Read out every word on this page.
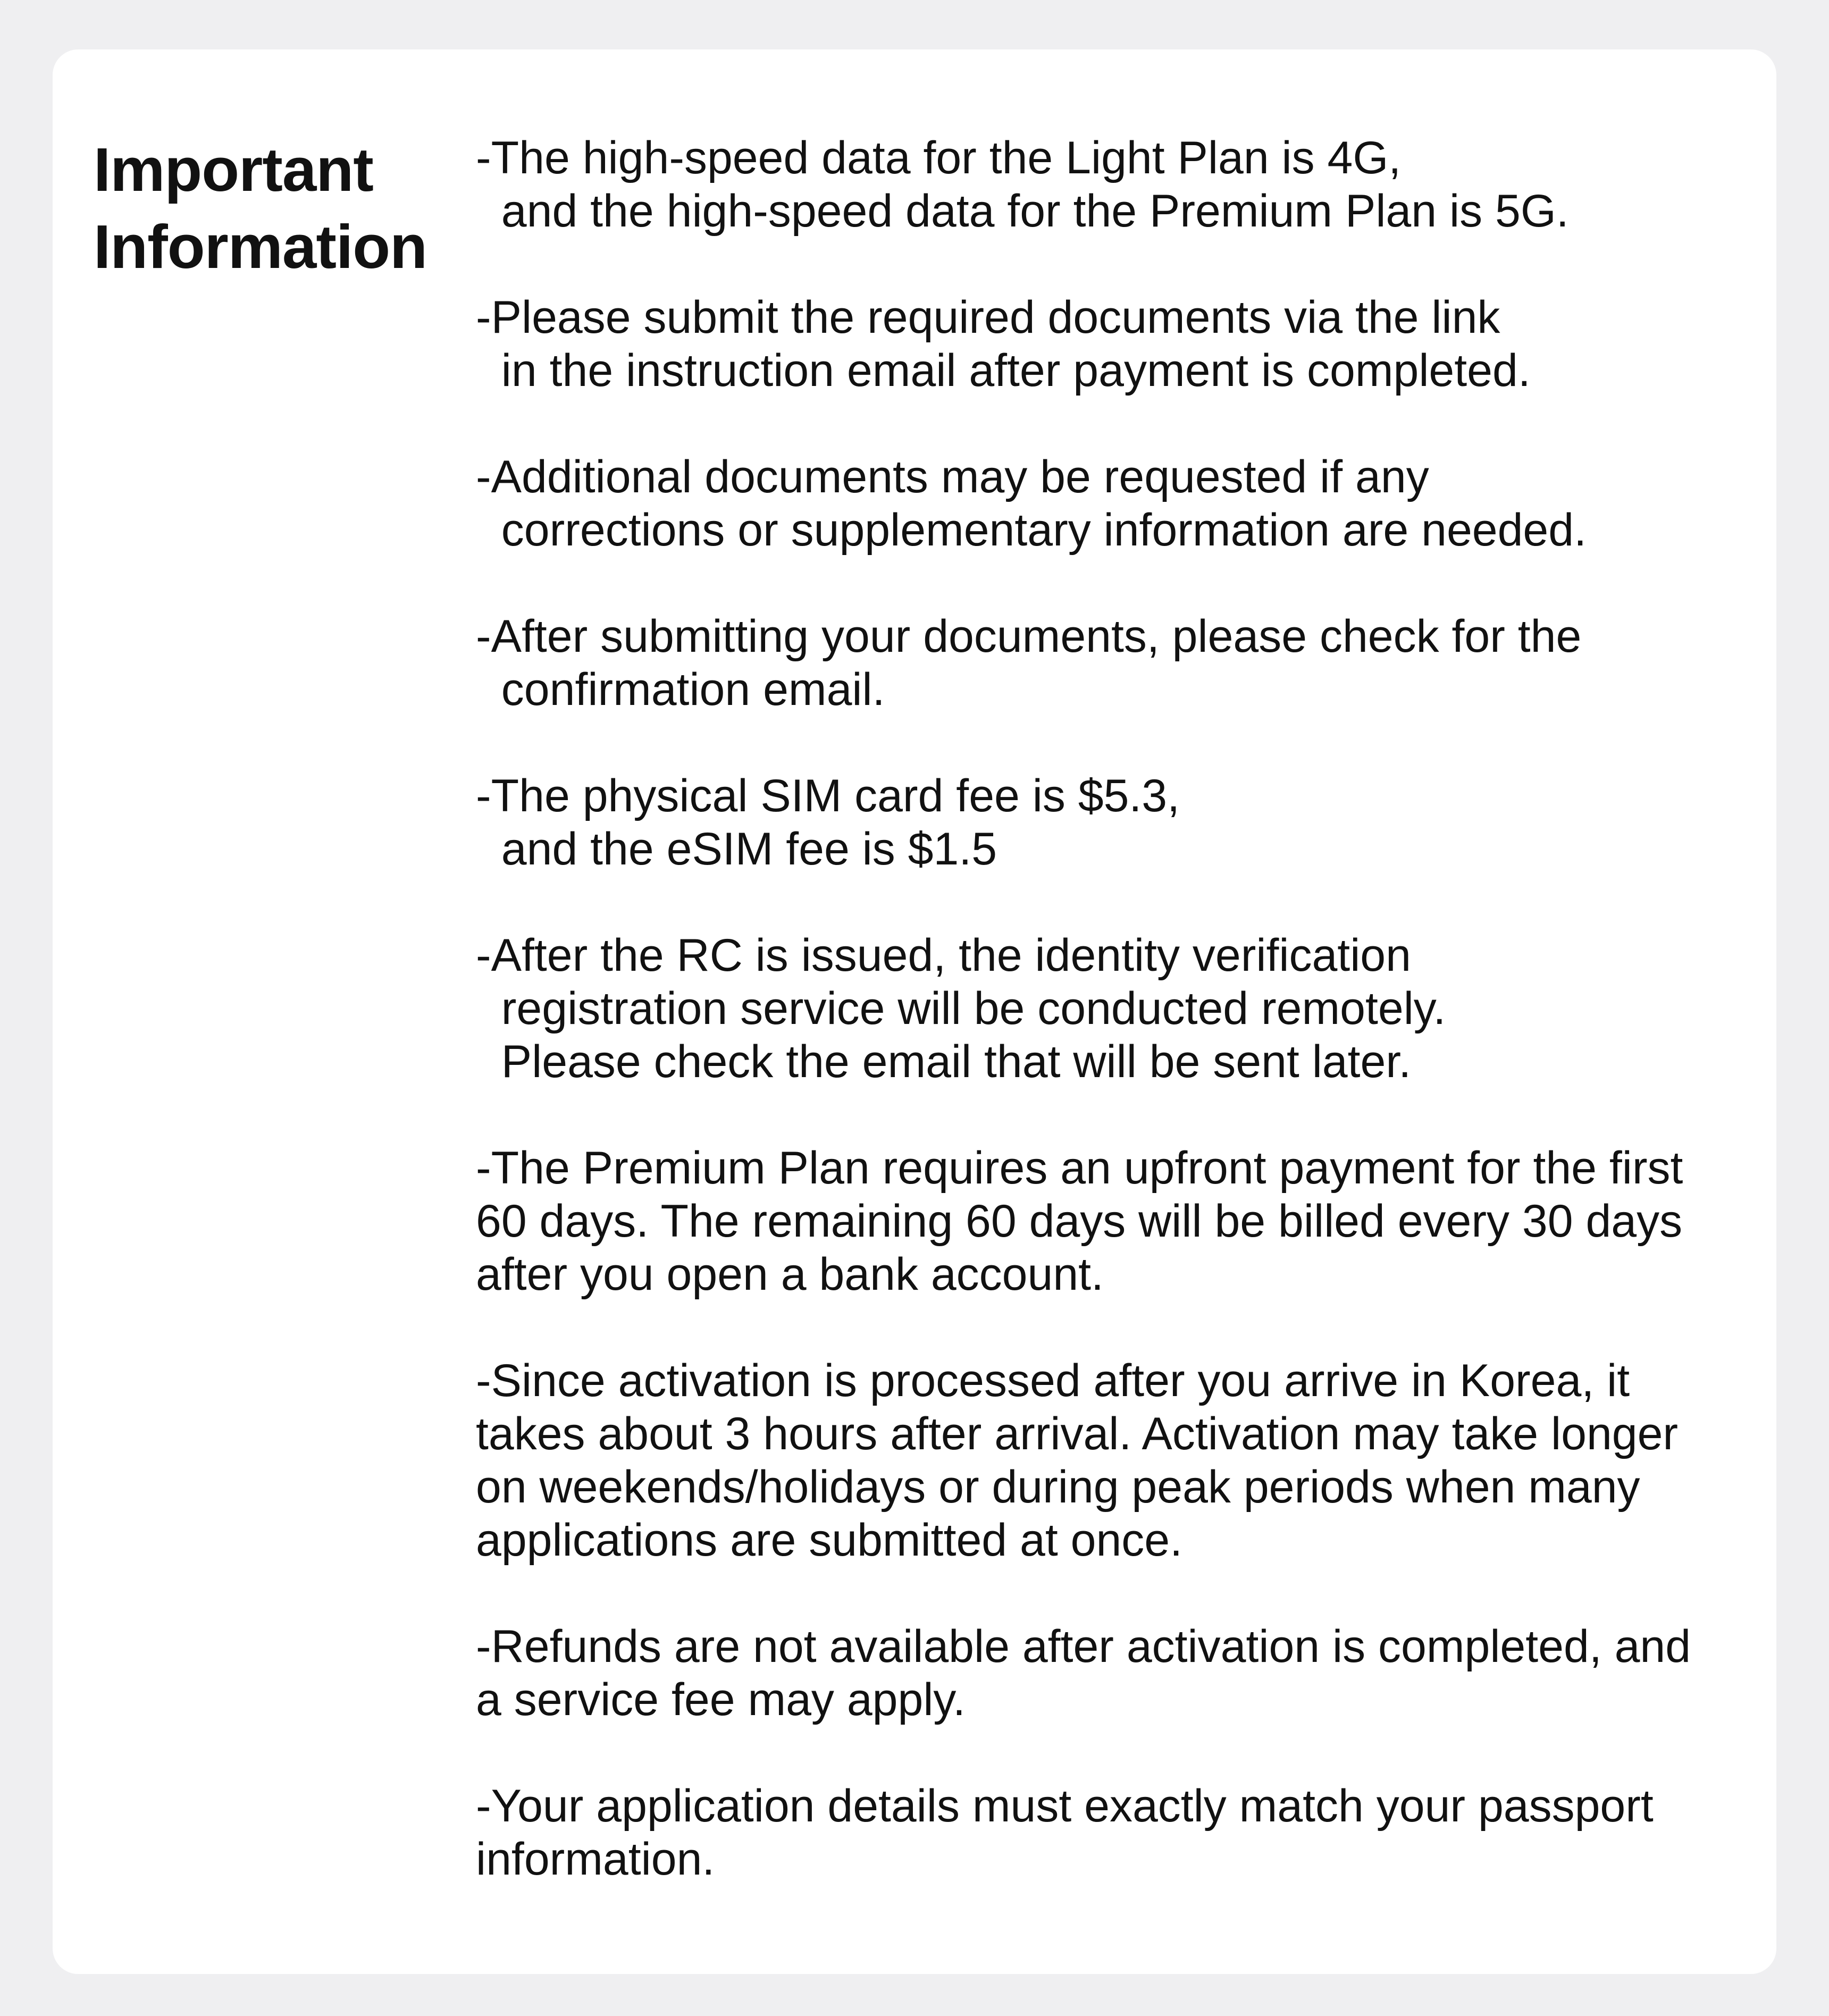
Important
Information
-The high-speed data for the Light Plan is 4G,
and the high-speed data for the Premium Plan is 5G.
-Please submit the required documents via the link
in the instruction email after payment is completed.
-Additional documents may be requested if any
corrections or supplementary information are needed.
-After submitting your documents, please check for the
confirmation email.
-The physical SIM card fee is $5.3,
and the eSIM fee is $1.5
-After the RC is issued, the identity verification
registration service will be conducted remotely.
Please check the email that will be sent later.
-The Premium Plan requires an upfront payment for the first
60 days. The remaining 60 days will be billed every 30 days
after you open a bank account.
-Since activation is processed after you arrive in Korea, it
takes about 3 hours after arrival. Activation may take longer
on weekends/holidays or during peak periods when many
applications are submitted at once.
-Refunds are not available after activation is completed, and
a service fee may apply.
-Your application details must exactly match your passport
information.
